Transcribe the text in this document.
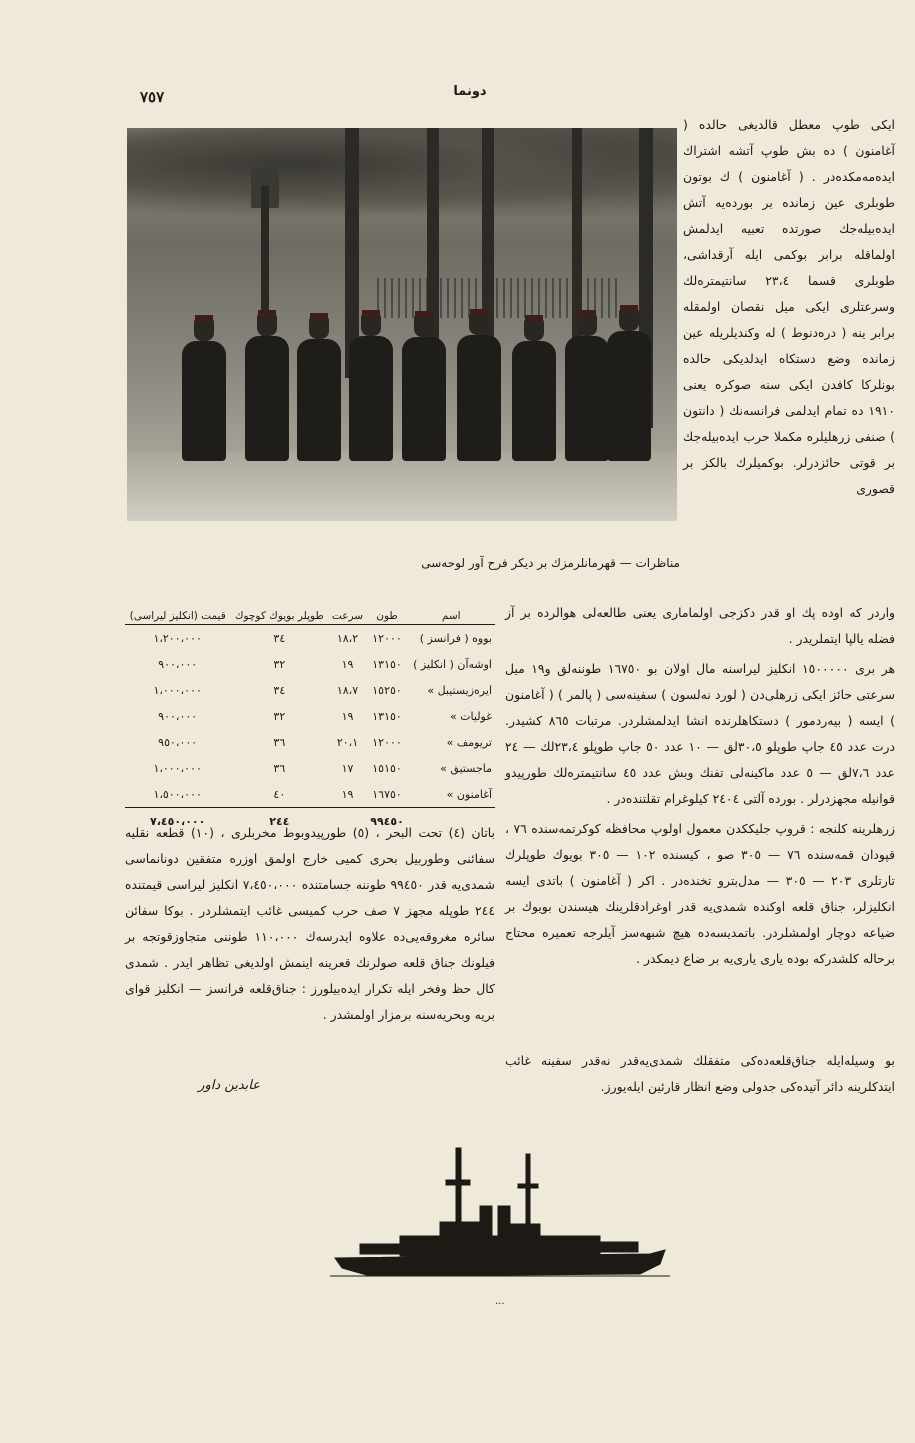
٧٥٧	دونما
مناظرات — قهرمانلرمزك بر ديكر فرح آور لوحه‌سى
ايكى طوپ معطل قالديغى حالده ( آغامنون ) ده بش طوپ آتشه اشتراك ايده‌مه‌مكده‌در . ( آغامنون ) ك بوتون طوبلرى عين زمانده بر بورده‌يه آتش ايده‌بيله‌جك صورتده تعبيه ايدلمش اولماقله برابر بوكمى ايله آرقداشى، طوبلرى قسما ٢٣،٤ سانتيمتره‌لك وسرعتلرى ايكى ميل نقصان اولمقله برابر ينه ( دره‌دنوط ) له وكنديلريله عين زمانده وضع دستكاه ايدلديكى حالده بونلركا كافدن ايكى سنه صوكره يعنى ١٩١٠ ده تمام ايدلمى فرانسه‌نك ( دانتون ) صنفى زرهليلره مكملا حرب ايده‌بيله‌جك بر قوتى حائزدرلر. بوكميلرك بالكز بر قصورى

واردر كه اوده پك او قدر دكزجى اولمامارى يعنى طالعه‌لى هوالرده بر آز فضله يالپا ايتملريدر .

هر برى ١٥٠٠٠٠٠ انكليز ليراسنه مال اولان بو ١٦٧٥٠ طوننه‌لق و١٩ ميل سرعتى حائز ايكى زرهلى‌دن ( لورد نه‌لسون ) سفينه‌سى ( پالمر ) ( آغامنون ) ايسه ( بيه‌ردمور ) دستكاهلرنده انشا ايدلمشلردر. مرتبات ٨٦٥ كشيدر. درت عدد ٤٥ جاپ طوپلو ٣٠،٥لق — ١٠ عدد ٥٠ جاپ طوپلو ٢٣،٤لك — ٢٤ عدد ٧،٦لق — ٥ عدد ماكينه‌لى تفنك وبش عدد ٤٥ سانتيمتره‌لك طورپيدو قوانيله مجهزدرلر . بورده آلتى ٢٤٠٤ كيلوغرام تقلتنده‌در .

زرهلرينه كلنجه : قروپ جليككدن معمول اولوپ محافظه كوكرتمه‌سنده ٧٦ ، قپودان قمه‌سنده ٧٦ — ٣٠٥ صو ، كيسنده ١٠٢ — ٣٠٥ بويوك طوپلرك تارتلرى ٢٠٣ — ٣٠٥ — مدل‌بترو تخنده‌در . اكر ( آغامنون ) باتدى ايسه انكليزلر، جناق قلعه اوكنده شمدى‌يه قدر اوغرادقلرينك هيسندن بويوك بر ضياعه دوچار اولمشلردر. باتمديسه‌ده هيچ شبهه‌سز آيلرجه تعميره محتاج برحاله كلشدركه بوده يارى يارى‌يه بر ضاع ديمكدر .

اسم	طون	سرعت	طوپلر بويوك كوچوك	قيمت (انكليز ليراسى)
بووه ( فرانسز )	١٢٠٠٠	١٨،٢	٣٤	١،٢٠٠،٠٠٠
اوشه‌آن ( انكليز )	١٣١٥٠	١٩	٣٢	٩٠٠،٠٠٠
ايرەزيستيبل »	١٥٢٥٠	١٨،٧	٣٤	١،٠٠٠،٠٠٠
غوليات »	١٣١٥٠	١٩	٣٢	٩٠٠،٠٠٠
تريومف »	١٢٠٠٠	٢٠،١	٣٦	٩٥٠،٠٠٠
ماجستيق »	١٥١٥٠	١٧	٣٦	١،٠٠٠،٠٠٠
آغامنون »	١٦٧٥٠	١٩	٤٠	١،٥٠٠،٠٠٠
	٩٩٤٥٠		٢٤٤	٧،٤٥٠،٠٠٠
باتان (٤) تحت البحر ، (٥) طورپيدوبوط مخربلرى ، (١٠) قطعه نقليه سفائنى وطوربيل بحرى كميى خارج اولمق اوزره متفقين دونانماسى شمدى‌يه قدر ٩٩٤٥٠ طوننه جسامتنده ٧،٤٥٠،٠٠٠ انكليز ليراسى قيمتنده ٢٤٤ طوپله مجهز ٧ صف حرب كميسى غائب ايتمشلردر . بوكا سفائن سائره مغروقه‌يى‌ده علاوه ايدرسه‌ك ١١٠،٠٠٠ طوننى متجاوزقوتجه بر فيلونك جناق قلعه صولرنك قعرينه اينمش اولديغى تظاهر ايدر . شمدى كال حظ وفخر ايله تكرار ايده‌بيلورز : جناق‌قلعه فرانسز — انكليز قواى بريه وبحريه‌سنه برمزار اولمشدر .
عابدين داور
بو وسيله‌ايله جناق‌قلعه‌ده‌كى متفقلك شمدى‌يه‌قدر نه‌قدر سفينه غائب ايتدكلرينه دائر آتيده‌كى جدولى وضع انظار قارئين ايله‌يورز.
...
